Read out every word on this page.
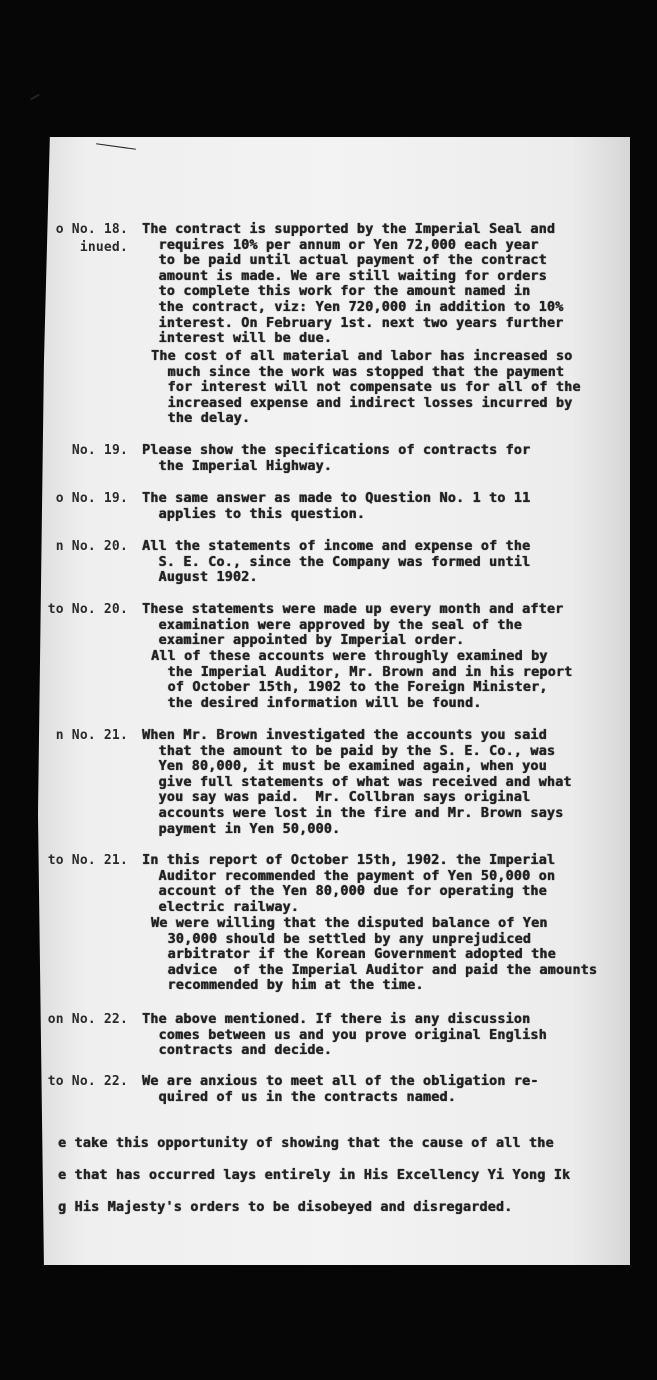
o No. 18.
inued.
The contract is supported by the Imperial Seal and
requires 10% per annum or Yen 72,000 each year
to be paid until actual payment of the contract
amount is made. We are still waiting for orders
to complete this work for the amount named in
the contract, viz: Yen 720,000 in addition to 10%
interest. On February 1st. next two years further
interest will be due.
The cost of all material and labor has increased so
much since the work was stopped that the payment
for interest will not compensate us for all of the
increased expense and indirect losses incurred by
the delay.
No. 19. Please show the specifications of contracts for
the Imperial Highway.
o No. 19. The same answer as made to Question No. 1 to 11
applies to this question.
n No. 20. All the statements of income and expense of the
S. E. Co., since the Company was formed until
August 1902.
to No. 20. These statements were made up every month and after
examination were approved by the seal of the
examiner appointed by Imperial order.
All of these accounts were throughly examined by
the Imperial Auditor, Mr. Brown and in his report
of October 15th, 1902 to the Foreign Minister,
the desired information will be found.
n No. 21. When Mr. Brown investigated the accounts you said
that the amount to be paid by the S. E. Co., was
Yen 80,000, it must be examined again, when you
give full statements of what was received and what
you say was paid.  Mr. Collbran says original
accounts were lost in the fire and Mr. Brown says
payment in Yen 50,000.
to No. 21. In this report of October 15th, 1902. the Imperial
Auditor recommended the payment of Yen 50,000 on
account of the Yen 80,000 due for operating the
electric railway.
We were willing that the disputed balance of Yen
30,000 should be settled by any unprejudiced
arbitrator if the Korean Government adopted the
advice  of the Imperial Auditor and paid the amounts
recommended by him at the time.
on No. 22. The above mentioned. If there is any discussion
comes between us and you prove original English
contracts and decide.
to No. 22. We are anxious to meet all of the obligation re-
quired of us in the contracts named.

e take this opportunity of showing that the cause of all the

e that has occurred lays entirely in His Excellency Yi Yong Ik

g His Majesty's orders to be disobeyed and disregarded.
